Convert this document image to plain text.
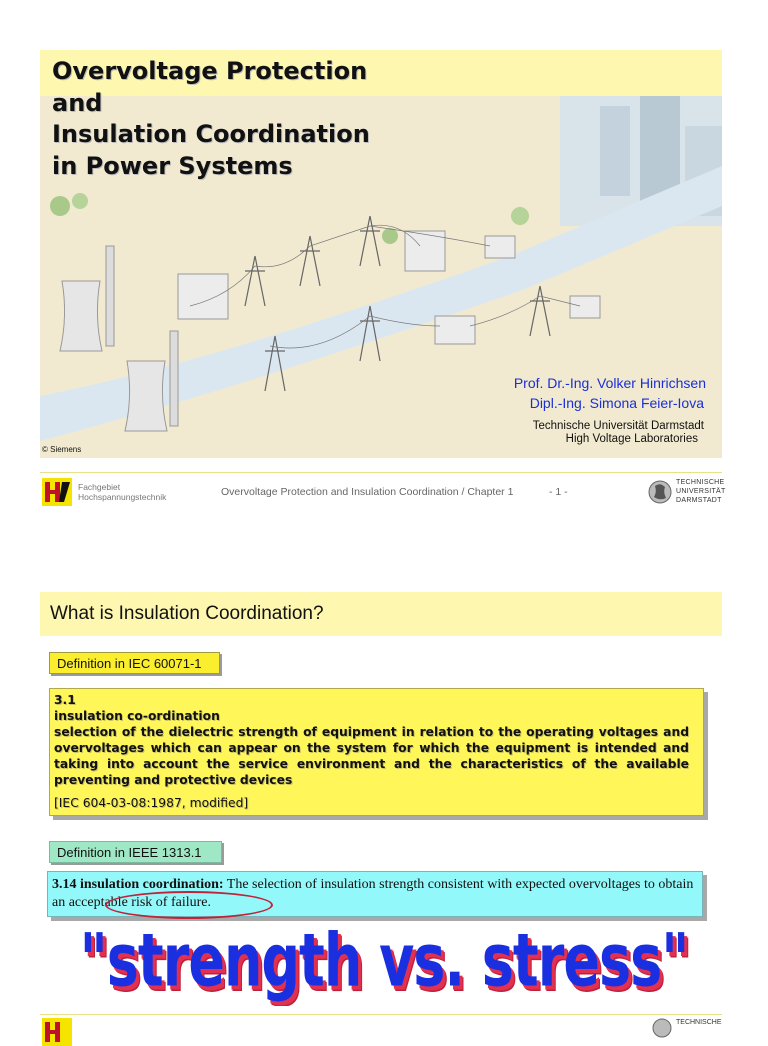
Overvoltage Protection
and
Insulation Coordination
in Power Systems
Prof. Dr.-Ing. Volker Hinrichsen
Dipl.-Ing. Simona Feier-Iova
Technische Universität Darmstadt
High Voltage Laboratories
© Siemens
Fachgebiet
Hochspannungstechnik	Overvoltage Protection and Insulation Coordination / Chapter 1	- 1 -
TECHNISCHE
UNIVERSITÄT
DARMSTADT
What is Insulation Coordination?
Definition in IEC 60071-1
3.1
insulation co-ordination
selection of the dielectric strength of equipment in relation to the operating voltages and overvoltages which can appear on the system for which the equipment is intended and taking into account the service environment and the characteristics of the available preventing and protective devices
[IEC 604-03-08:1987, modified]
Definition in IEEE 1313.1
3.14 insulation coordination: The selection of insulation strength consistent with expected overvoltages to obtain an acceptable risk of failure.
"strength vs. stress"
TECHNISCHE
